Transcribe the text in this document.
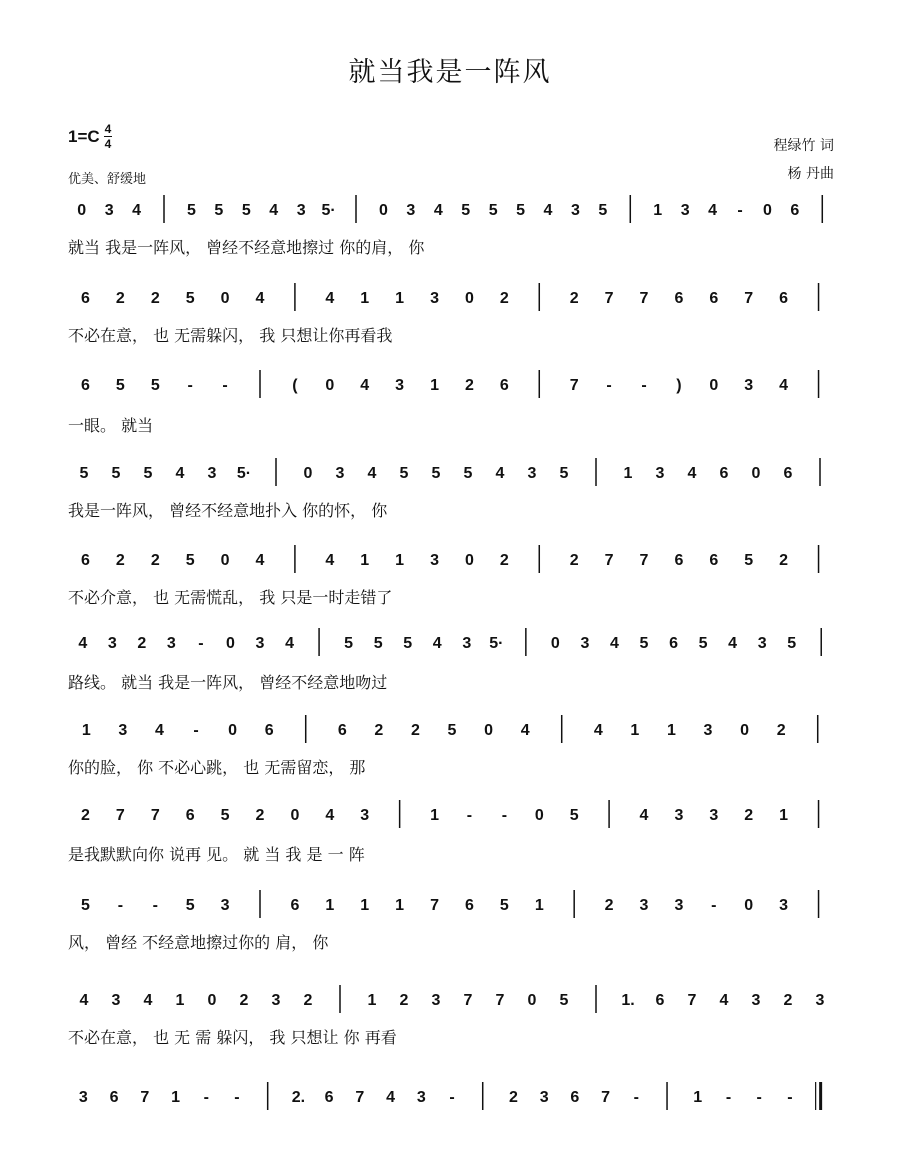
就当我是一阵风
$1=C \frac{4}{4}$
优美、舒缓地
程绿竹 词
杨 丹曲
0 3 4	5 5 5 4 3 5·	0 3 4 5 5 5 4 3 5	1 3 4 - 0 6
6 2 2 5 0 4	4 1 1 3 0 2	2 7 7 6 6 7 6
6 5 5 - -	( 0 4 3 1 2 6	7 - - ) 0 3 4
5 5 5 4 3 5·	0 3 4 5 5 5 4 3 5	1 3 4 6 0 6
6 2 2 5 0 4	4 1 1 3 0 2	2 7 7 6 6 5 2
4 3 2 3 - 0 3 4	5 5 5 4 3 5·	0 3 4 5 6 5 4 3 5
1 3 4 - 0 6	6 2 2 5 0 4	4 1 1 3 0 2
2 7 7 6 5 2 0 4 3	1 - - 0 5	4 3 3 2 1
5 - - 5 3	6 1 1 1 7 6 5 1	2 3 3 - 0 3
4 3 4 1 0 2 3 2	1 2 3 7 7 0 5	1. 6 7 4 3 2 3
3 6 7 1 - -	2. 6 7 4 3 -	2 3 6 7 -	1 - - -
就当 我是一阵风， 曾经不经意地擦过 你的肩， 你
不必在意， 也 无需躲闪， 我 只想让你再看我
一眼。 就当
我是一阵风， 曾经不经意地扑入 你的怀， 你
不必介意， 也 无需慌乱， 我 只是一时走错了
路线。 就当 我是一阵风， 曾经不经意地吻过
你的脸， 你 不必心跳， 也 无需留恋， 那
是我默默向你 说再 见。 就 当 我 是 一 阵
风， 曾经 不经意地擦过你的 肩， 你
不必在意， 也 无 需 躲闪， 我 只想让 你 再看
